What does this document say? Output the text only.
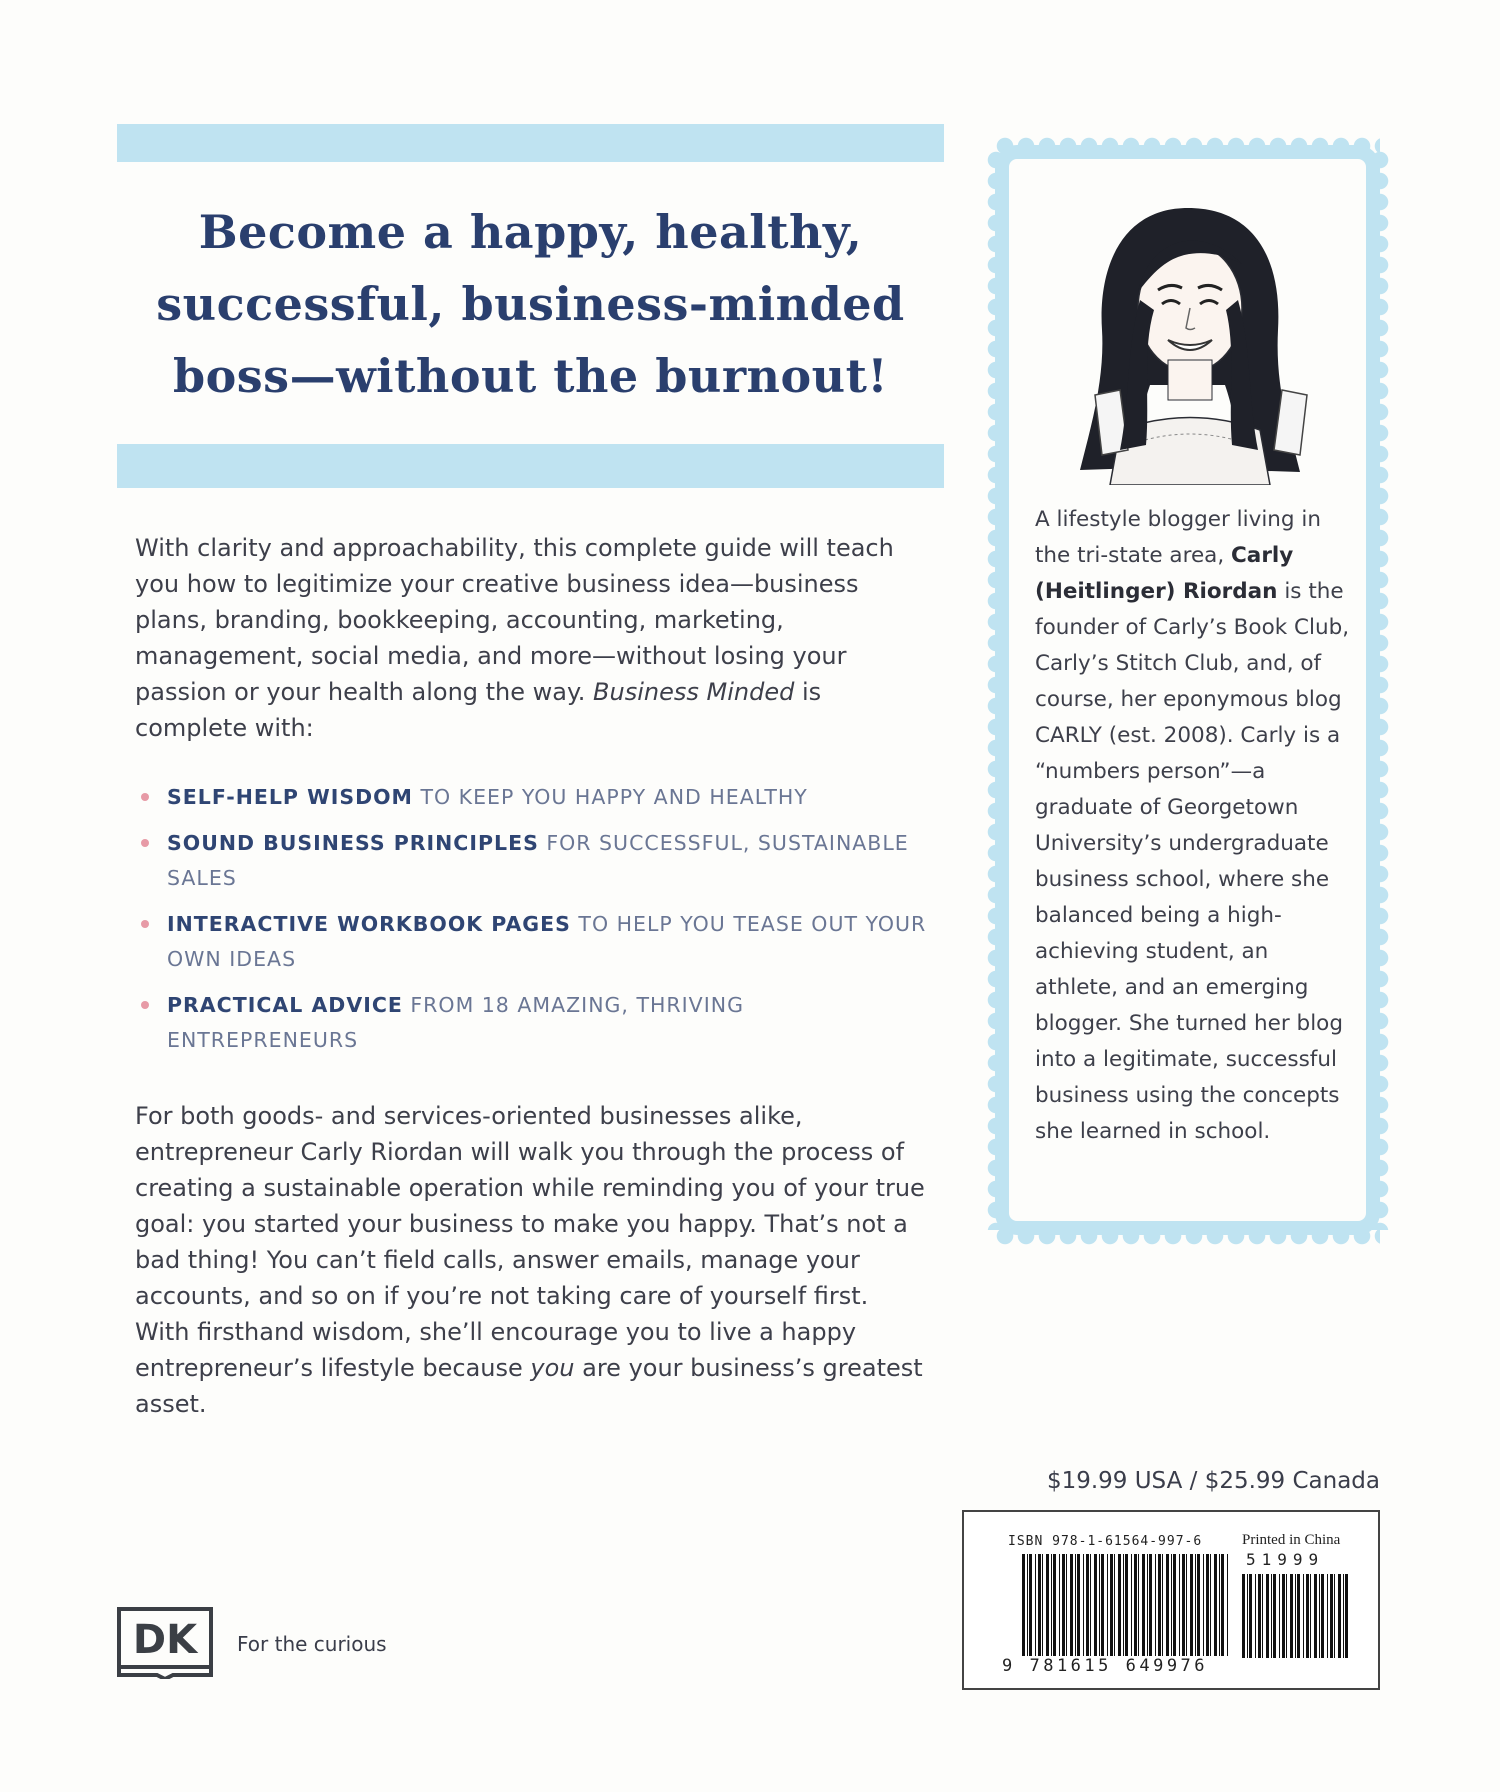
Become a happy, healthy,
successful, business-minded
boss—without the burnout!
With clarity and approachability, this complete guide will teach you how to legitimize your creative business idea—business plans, branding, bookkeeping, accounting, marketing, management, social media, and more—without losing your passion or your health along the way. Business Minded is complete with:
SELF-HELP WISDOM TO KEEP YOU HAPPY AND HEALTHY
SOUND BUSINESS PRINCIPLES FOR SUCCESSFUL, SUSTAINABLE SALES
INTERACTIVE WORKBOOK PAGES TO HELP YOU TEASE OUT YOUR OWN IDEAS
PRACTICAL ADVICE FROM 18 AMAZING, THRIVING ENTREPRENEURS
For both goods- and services-oriented businesses alike, entrepreneur Carly Riordan will walk you through the process of creating a sustainable operation while reminding you of your true goal: you started your business to make you happy. That’s not a bad thing! You can’t field calls, answer emails, manage your accounts, and so on if you’re not taking care of yourself first. With firsthand wisdom, she’ll encourage you to live a happy entrepreneur’s lifestyle because you are your business’s greatest asset.
A lifestyle blogger living in the tri-state area, Carly (Heitlinger) Riordan is the founder of Carly’s Book Club, Carly’s Stitch Club, and, of course, her eponymous blog CARLY (est. 2008). Carly is a “numbers person”—a graduate of Georgetown University’s undergraduate business school, where she balanced being a high-achieving student, an athlete, and an emerging blogger. She turned her blog into a legitimate, successful business using the concepts she learned in school.
$19.99 USA / $25.99 Canada
ISBN 978-1-61564-997-6	Printed in China
51999
9 781615 649976
DK For the curious
